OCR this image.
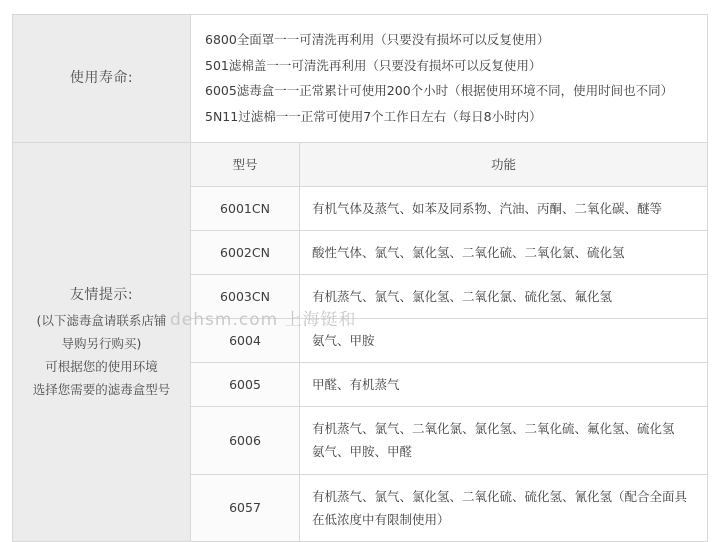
使用寿命:

6800全面罩一一可清洗再利用（只要没有损坏可以反复使用）

501滤棉盖一一可清洗再利用（只要没有损坏可以反复使用）

6005滤毒盒一一正常累计可使用200个小时（根据使用环境不同，使用时间也不同）

5N11过滤棉一一正常可使用7个工作日左右（每日8小时内）

友情提示:
(以下滤毒盒请联系店铺
导购另行购买)
可根据您的使用环境
选择您需要的滤毒盒型号

型号	功能
6001CN	有机气体及蒸气、如苯及同系物、汽油、丙酮、二氧化碳、醚等

6002CN	酸性气体、氯气、氯化氢、二氧化硫、二氧化氯、硫化氢

6003CN	有机蒸气、氯气、氯化氢、二氧化氯、硫化氢、氟化氢

6004	氨气、甲胺

6005	甲醛、有机蒸气

6006	
有机蒸气、氯气、二氧化氯、氯化氢、二氧化硫、氟化氢、硫化氢
氨气、甲胺、甲醛

6057	
有机蒸气、氯气、氯化氢、二氧化硫、硫化氢、氰化氢（配合全面具
在低浓度中有限制使用）
dehsm.com 上海铤和
